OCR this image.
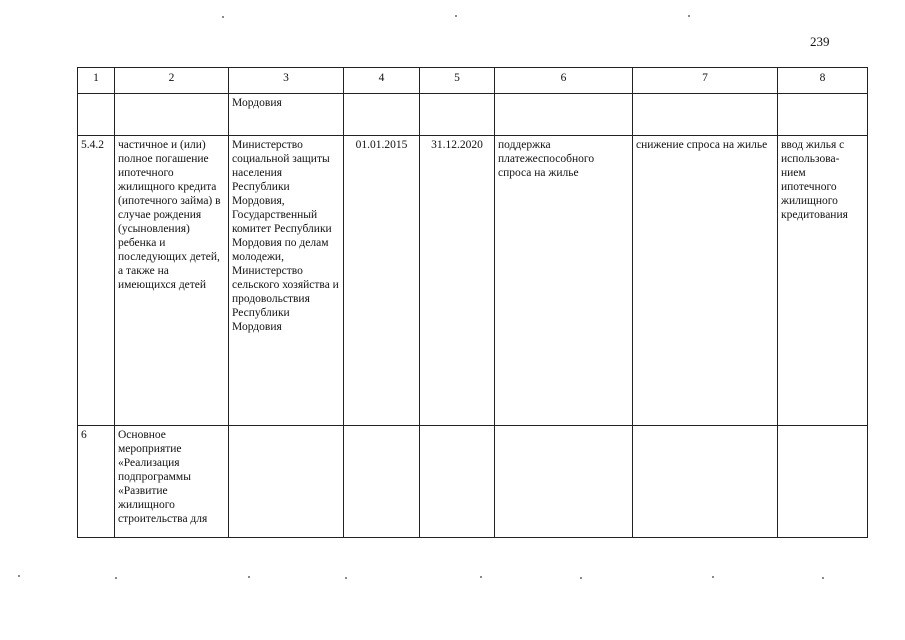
239
1	2	3	4	5	6	7	8
		Мордовия					
5.4.2	частичное и (или) полное погашение ипотечного жилищного кредита (ипотечного займа) в случае рождения (усыновления) ребенка и последующих детей, а также на имеющихся детей	Министерство социальной защиты населения Республики Мордовия, Государственный комитет Республики Мордовия по делам молодежи, Министерство сельского хозяйства и продовольствия Республики Мордовия	01.01.2015	31.12.2020	поддержка платежеспособного спроса на жилье	снижение спроса на жилье	ввод жилья с использова-нием ипотечного жилищного кредитования
6	Основное мероприятие «Реализация подпрограммы «Развитие жилищного строительства для						
